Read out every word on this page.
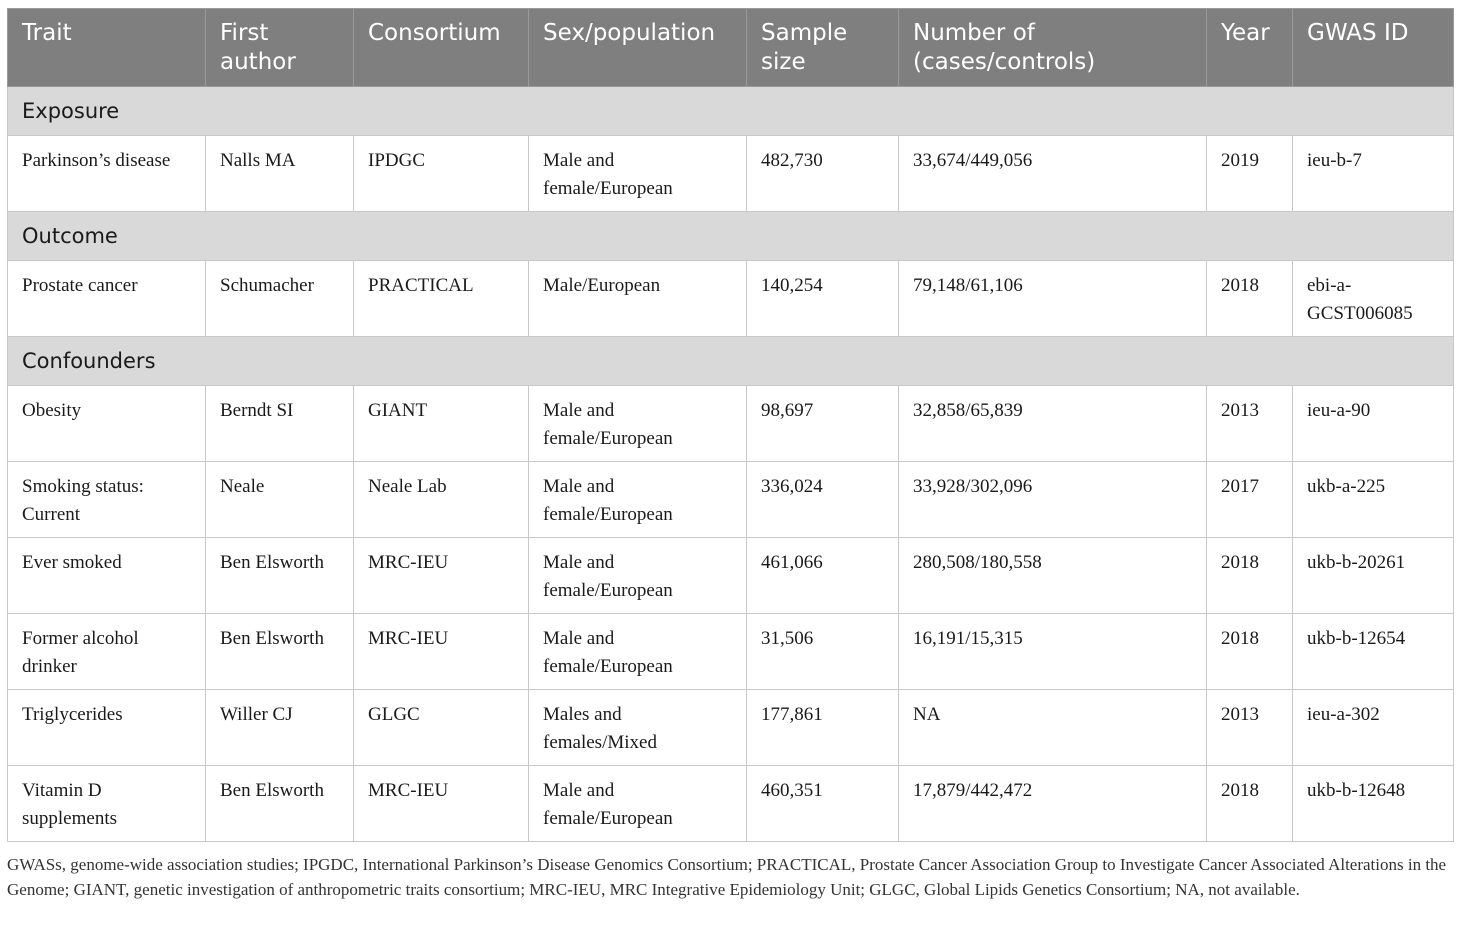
Trait	First author	Consortium	Sex/population	Sample size	Number of (cases/controls)	Year	GWAS ID
Exposure							
Parkinson’s disease	Nalls MA	IPDGC	Male and female/European	482,730	33,674/449,056	2019	ieu-b-7
Outcome							
Prostate cancer	Schumacher	PRACTICAL	Male/European	140,254	79,148/61,106	2018	ebi-a-GCST006085
Confounders							
Obesity	Berndt SI	GIANT	Male and female/European	98,697	32,858/65,839	2013	ieu-a-90
Smoking status: Current	Neale	Neale Lab	Male and female/European	336,024	33,928/302,096	2017	ukb-a-225
Ever smoked	Ben Elsworth	MRC-IEU	Male and female/European	461,066	280,508/180,558	2018	ukb-b-20261
Former alcohol drinker	Ben Elsworth	MRC-IEU	Male and female/European	31,506	16,191/15,315	2018	ukb-b-12654
Triglycerides	Willer CJ	GLGC	Males and females/Mixed	177,861	NA	2013	ieu-a-302
Vitamin D supplements	Ben Elsworth	MRC-IEU	Male and female/European	460,351	17,879/442,472	2018	ukb-b-12648
GWASs, genome-wide association studies; IPGDC, International Parkinson’s Disease Genomics Consortium; PRACTICAL, Prostate Cancer Association Group to Investigate Cancer Associated Alterations in the Genome; GIANT, genetic investigation of anthropometric traits consortium; MRC-IEU, MRC Integrative Epidemiology Unit; GLGC, Global Lipids Genetics Consortium; NA, not available.
